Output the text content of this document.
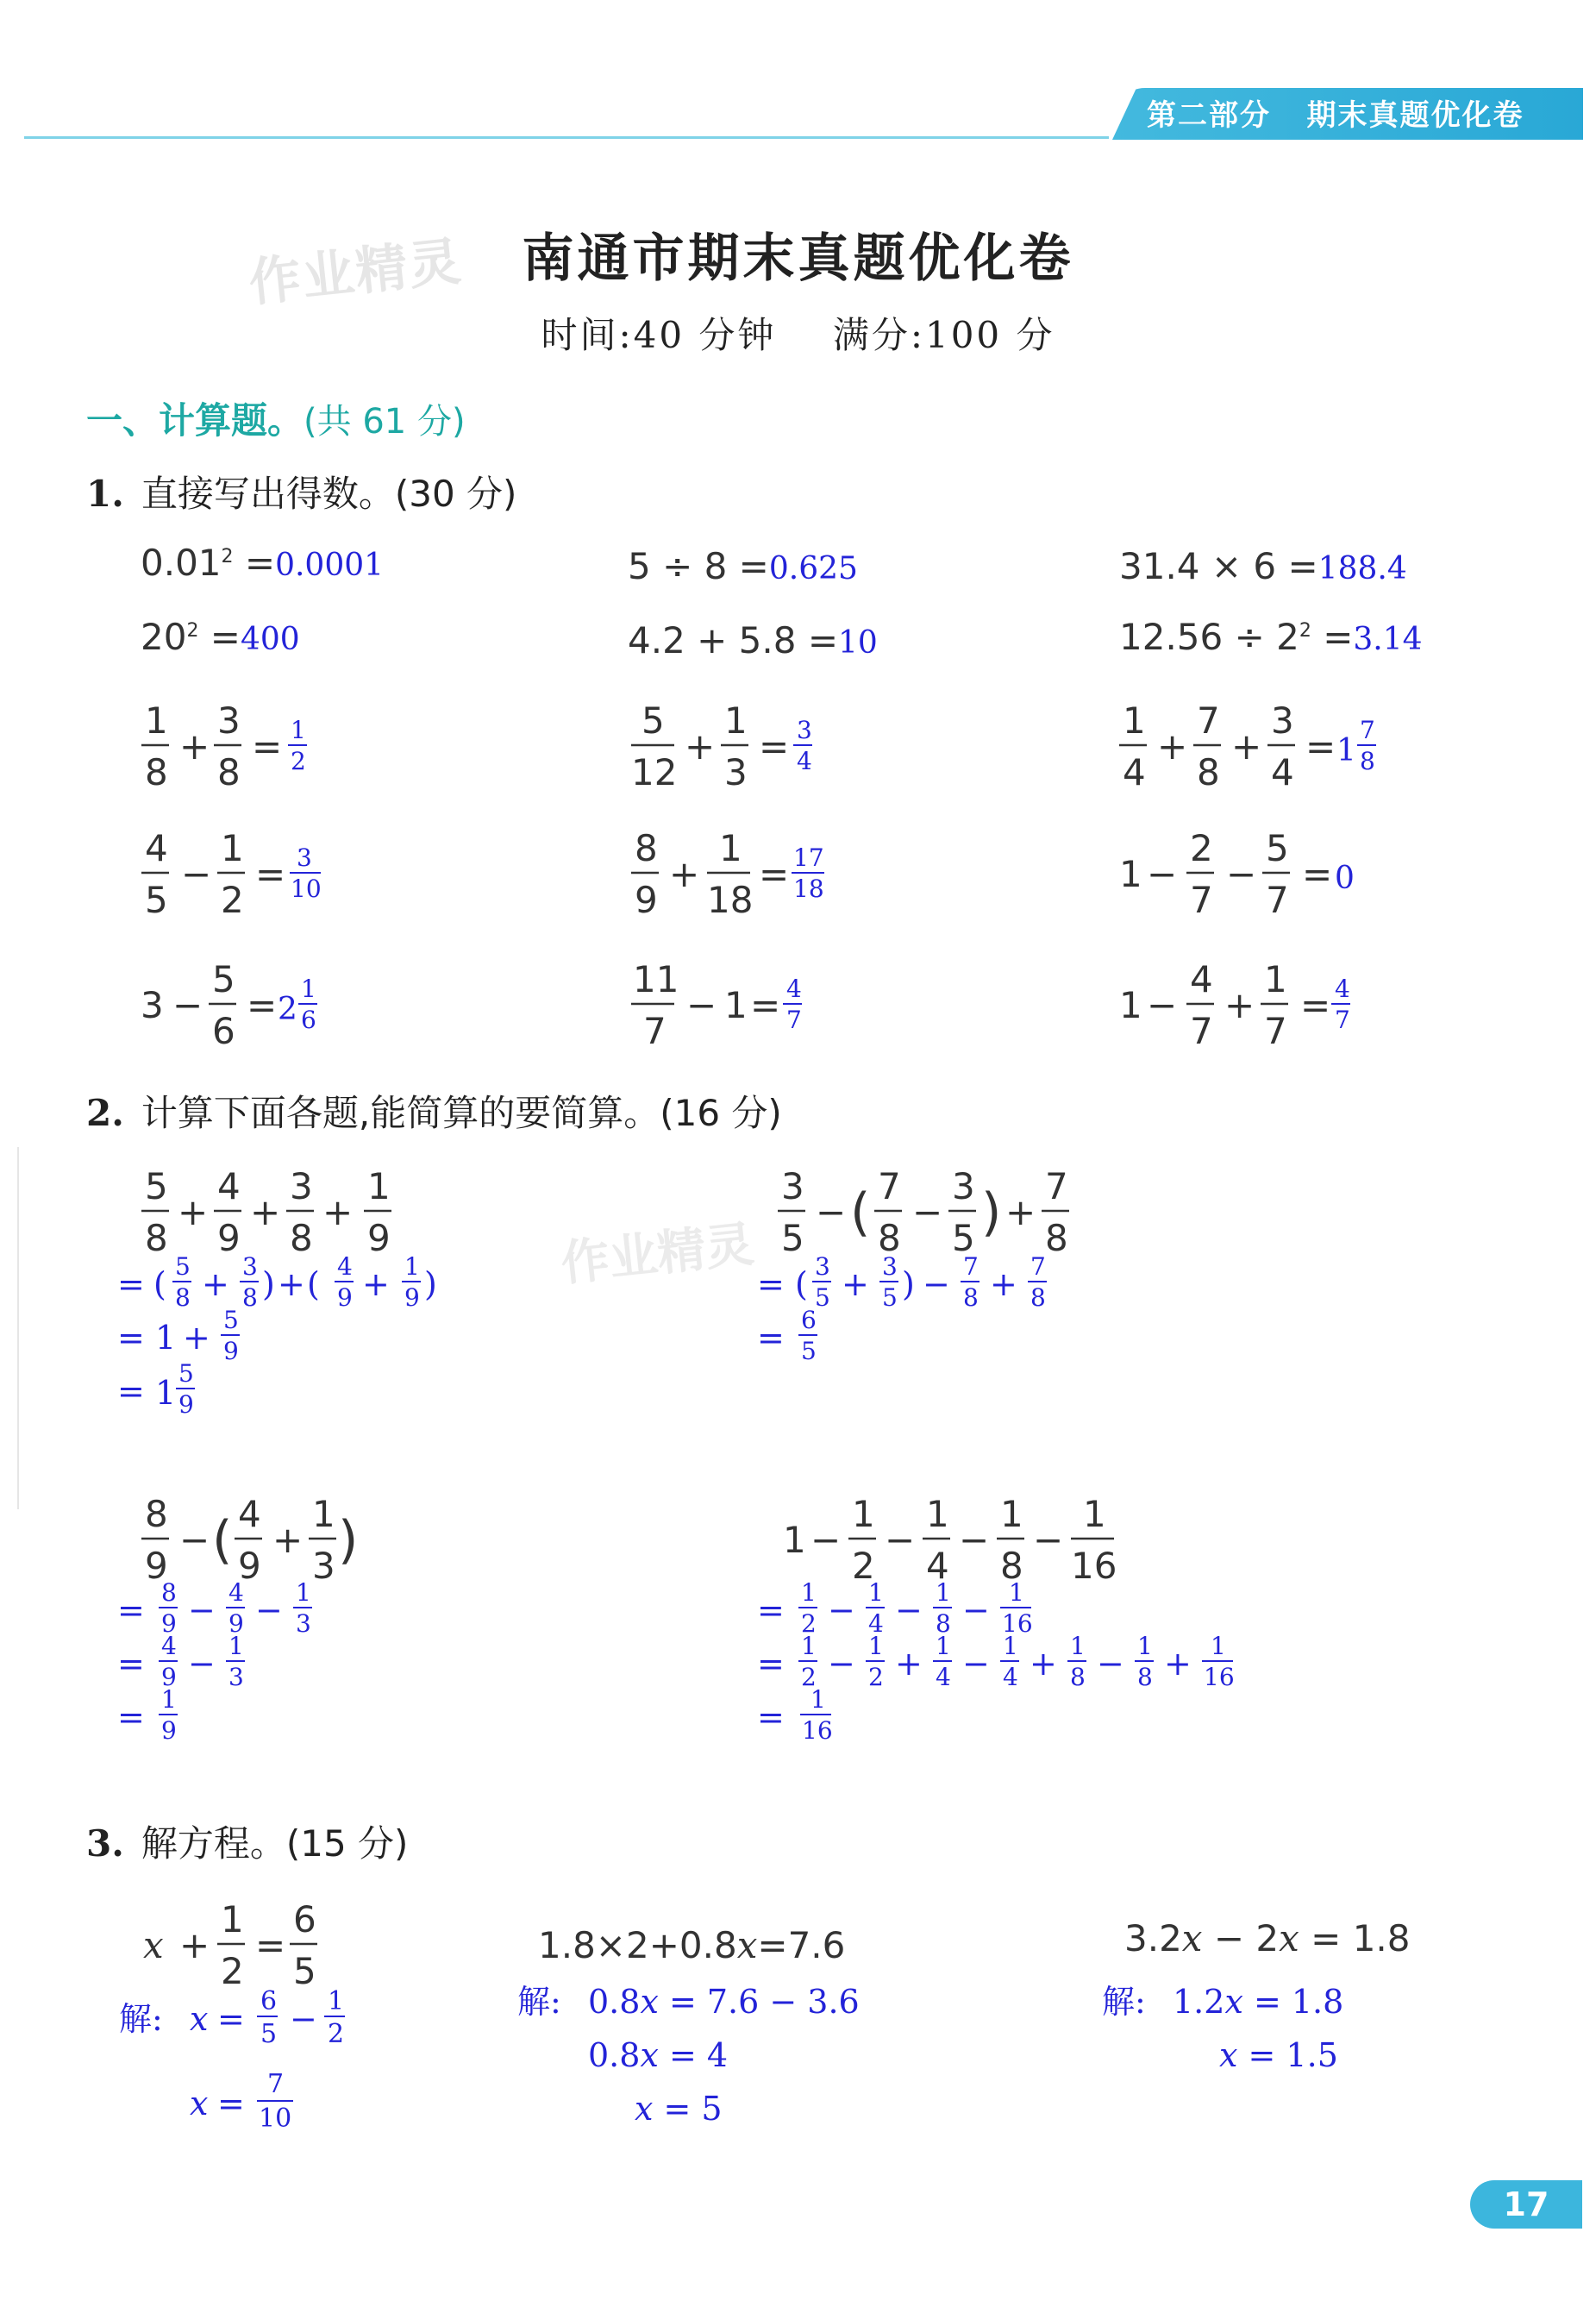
第二部分   期末真题优化卷
作业精灵
作业精灵
南通市期末真题优化卷
时间:40 分钟    满分:100 分
一、计算题。(共 61 分)
1. 直接写出得数。(30 分)
$0.01^2 =0.0001$	5 ÷ 8 =0.625	31.4 × 6 =188.4
$20^2 =400$	4.2 + 5.8 =10	$12.56 \div 2^2 =3.14$
1
8
+
3
8
= 1
2
5
12
+
1
3
= 3
4
1
4
+
7
8
+
3
4
= 1
7
8
4
5
−
1
2
= 3
10
8
9
+
1
18
= 17
18	1 −
2
7
−
5
7
= 0
3 −
5
6
= 2
1
6
11
7
− 1 = 4
7	1 −
4
7
+
1
7
= 4
7
5
8
+
4
9
+
3
8
+
1
9
3
5
− ( 7
8
−
3
5 ) +
7
8
8
9
− ( 4
9
+
1
3 )	1 −
1
2
−
1
4
−
1
8
−
1
16
= ( 5
8 + 3
8 ) + ( 4
9 + 1
9 )
= 1 + 5
9
= 1
5
9
= ( 3
5 + 3
5 ) − 7
8 + 7
8
= 6
5
= 8
9 − 4
9 − 1
3
= 4
9 − 1
3
= 1
9
= 1
2 − 1
4 − 1
8 − 1
16
= 1
2 − 1
2 + 1
4 − 1
4 + 1
8 − 1
8 + 1
16
= 1
16
x +
1
2
=
6
5
1.8×2+0.8x=7.6	3.2x − 2x = 1.8
解: x = 6
5 − 1
2
x =
7
10
解: 0.8x = 7.6 − 3.6
0.8x = 4
x = 5
解: 1.2x = 1.8
x = 1.5
2. 计算下面各题,能简算的要简算。(16 分)
3. 解方程。(15 分)
17
